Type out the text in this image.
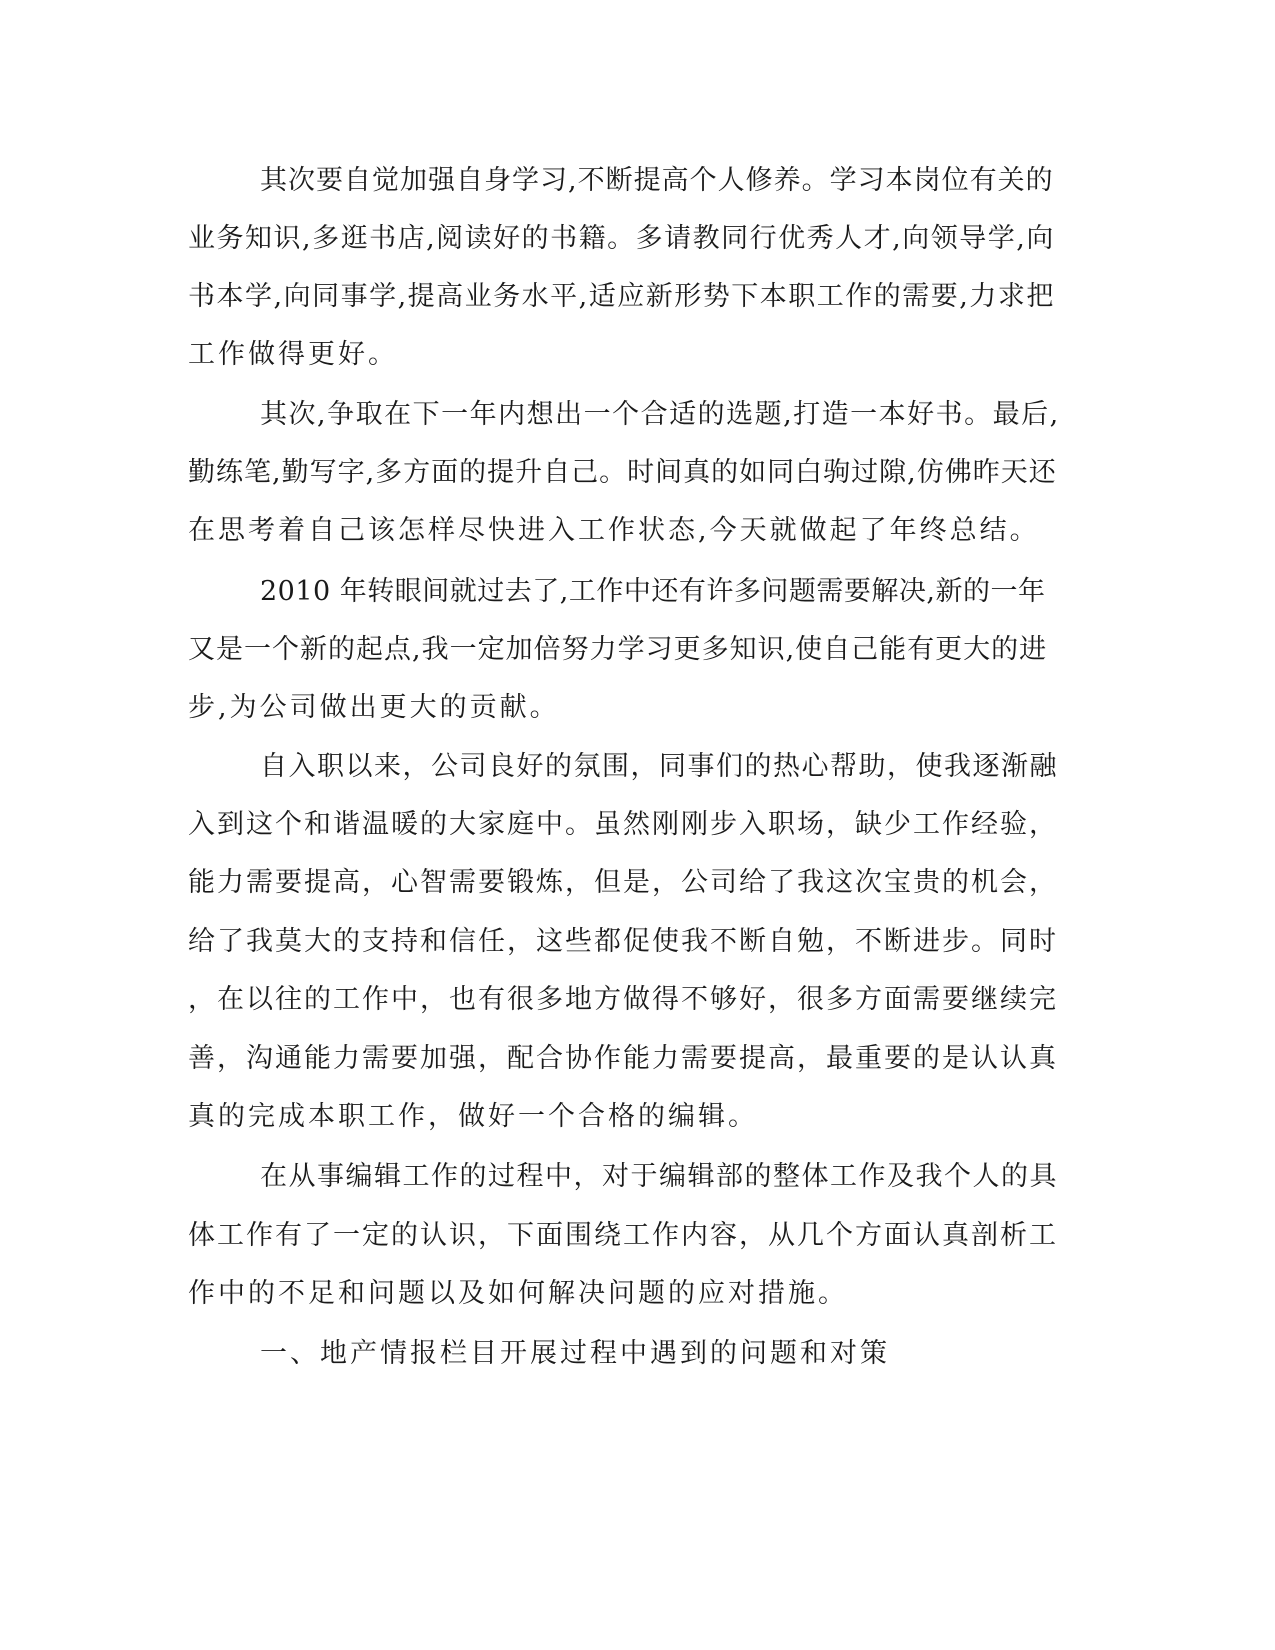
其次要自觉加强自身学习,不断提高个人修养。学习本岗位有关的

业务知识,多逛书店,阅读好的书籍。多请教同行优秀人才,向领导学,向

书本学,向同事学,提高业务水平,适应新形势下本职工作的需要,力求把

工作做得更好。

其次,争取在下一年内想出一个合适的选题,打造一本好书。最后,

勤练笔,勤写字,多方面的提升自己。时间真的如同白驹过隙,仿佛昨天还

在思考着自己该怎样尽快进入工作状态,今天就做起了年终总结。

2010 年转眼间就过去了,工作中还有许多问题需要解决,新的一年

又是一个新的起点,我一定加倍努力学习更多知识,使自己能有更大的进

步,为公司做出更大的贡献。

自入职以来，公司良好的氛围，同事们的热心帮助，使我逐渐融

入到这个和谐温暖的大家庭中。虽然刚刚步入职场，缺少工作经验，

能力需要提高，心智需要锻炼，但是，公司给了我这次宝贵的机会，

给了我莫大的支持和信任，这些都促使我不断自勉，不断进步。同时

，在以往的工作中，也有很多地方做得不够好，很多方面需要继续完

善，沟通能力需要加强，配合协作能力需要提高，最重要的是认认真

真的完成本职工作，做好一个合格的编辑。

在从事编辑工作的过程中，对于编辑部的整体工作及我个人的具

体工作有了一定的认识，下面围绕工作内容，从几个方面认真剖析工

作中的不足和问题以及如何解决问题的应对措施。

一、地产情报栏目开展过程中遇到的问题和对策
